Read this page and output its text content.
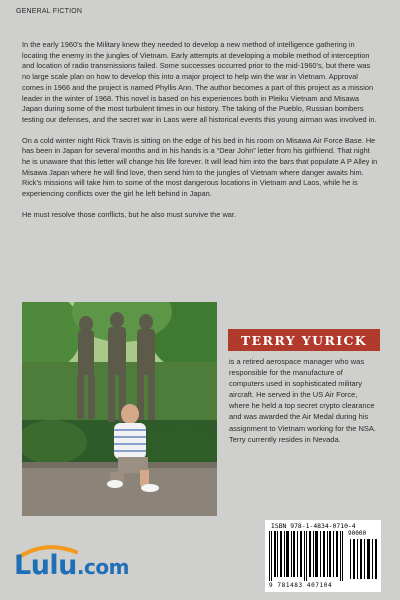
GENERAL FICTION

In the early 1960’s the Military knew they needed to develop a new method of intelligence gathering in locating the enemy in the jungles of Vietnam. Early attempts at developing a mobile method of interception and location of radio transmissions failed. Some successes occurred prior to the mid-1960’s, but there was no large scale plan on how to develop this into a major project to help win the war in Vietnam. Approval comes in 1966 and the project is named Phyllis Ann. The author becomes a part of this project as a mission leader in the winter of 1968. This novel is based on his experiences both in Pleiku Vietnam and Misawa Japan during some of the most turbulent times in our history. The taking of the Pueblo, Russian bombers testing our defenses, and the secret war in Laos were all historical events this young airman was involved in.

On a cold winter night Rick Travis is sitting on the edge of his bed in his room on Misawa Air Force Base. He has been in Japan for several months and in his hands is a “Dear John” letter from his girlfriend. That night he is unaware that this letter will change his life forever. It will lead him into the bars that populate A P Alley in Misawa Japan where he will find love, then send him to the jungles of Vietnam where danger awaits him. Rick’s missions will take him to some of the most dangerous locations in Vietnam and Laos, while he is experiencing conflicts over the girl he left behind in Japan.

He must resolve those conflicts, but he also must survive the war.

TERRY YURICK
is a retired aerospace manager who was responsible for the manufacture of computers used in sophisticated military aircraft. He served in the US Air Force, where he held a top secret crypto clearance and was awarded the Air Medal during his assignment to Vietnam working for the NSA. Terry currently resides in Nevada.
ISBN 978-1-4834-0710-4
90000
9 781483 407104
Lulu.com
